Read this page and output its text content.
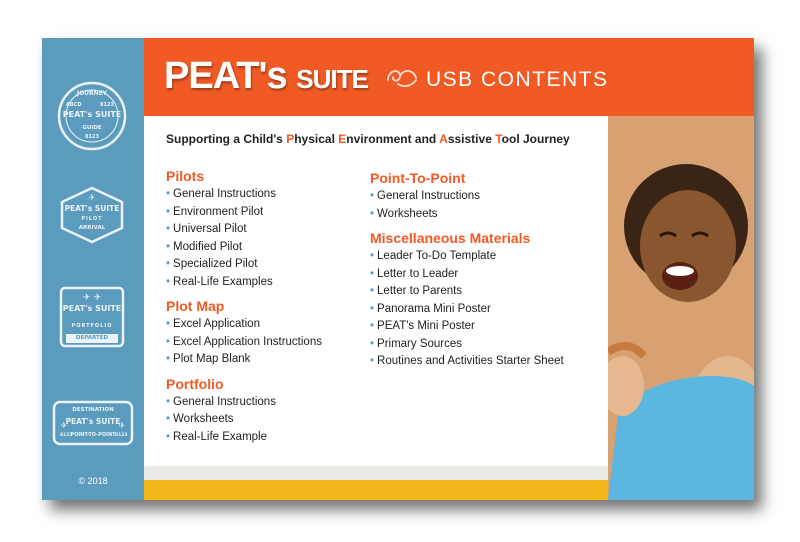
JOURNEY
ABCD	8123
PEAT's SUITE
GUIDE
8123
✈
PEAT's SUITE
PILOT
ARRIVAL
✈ ✈
PEAT's SUITE
PORTFOLIO
DEPARTED
✈	✈
DESTINATION
PEAT's SUITE
8123
POINT-TO-POINT 8123
© 2018
PEAT's SUITE	USB CONTENTS
Supporting a Child's Physical Environment and Assistive Tool Journey
Pilots
• General Instructions
• Environment Pilot
• Universal Pilot
• Modified Pilot
• Specialized Pilot
• Real-Life Examples
Plot Map
• Excel Application
• Excel Application Instructions
• Plot Map Blank
Portfolio
• General Instructions
• Worksheets
• Real-Life Example
Point-To-Point
• General Instructions
• Worksheets
Miscellaneous Materials
• Leader To-Do Template
• Letter to Leader
• Letter to Parents
• Panorama Mini Poster
• PEAT's Mini Poster
• Primary Sources
• Routines and Activities Starter Sheet
